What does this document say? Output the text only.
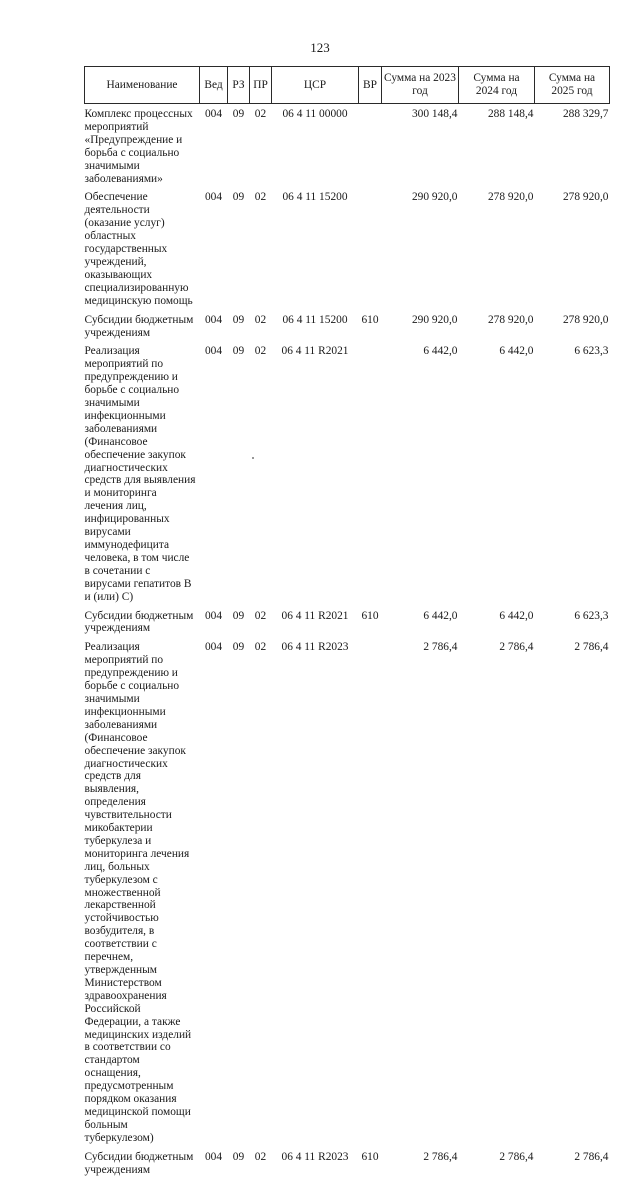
123
Наименование	Вед	РЗ	ПР	ЦСР	ВР	Сумма на 2023 год	Сумма на 2024 год	Сумма на 2025 год
Комплекс процессных мероприятий «Предупреждение и борьба с социально значимыми заболеваниями»	004	09	02	06 4 11 00000		300 148,4	288 148,4	288 329,7
Обеспечение деятельности (оказание услуг) областных государственных учреждений, оказывающих специализированную медицинскую помощь	004	09	02	06 4 11 15200		290 920,0	278 920,0	278 920,0
Субсидии бюджетным учреждениям	004	09	02	06 4 11 15200	610	290 920,0	278 920,0	278 920,0
Реализация мероприятий по предупреждению и борьбе с социально значимыми инфекционными заболеваниями (Финансовое обеспечение закупок диагностических средств для выявления и мониторинга лечения лиц, инфицированных вирусами иммунодефицита человека, в том числе в сочетании с вирусами гепатитов В и (или) С)	004	09	02	06 4 11 R2021		6 442,0	6 442,0	6 623,3
Субсидии бюджетным учреждениям	004	09	02	06 4 11 R2021	610	6 442,0	6 442,0	6 623,3
Реализация мероприятий по предупреждению и борьбе с социально значимыми инфекционными заболеваниями (Финансовое обеспечение закупок диагностических средств для выявления, определения чувствительности микобактерии туберкулеза и мониторинга лечения лиц, больных туберкулезом с множественной лекарственной устойчивостью возбудителя, в соответствии с перечнем, утвержденным Министерством здравоохранения Российской Федерации, а также медицинских изделий в соответствии со стандартом оснащения, предусмотренным порядком оказания медицинской помощи больным туберкулезом)	004	09	02	06 4 11 R2023		2 786,4	2 786,4	2 786,4
Субсидии бюджетным учреждениям	004	09	02	06 4 11 R2023	610	2 786,4	2 786,4	2 786,4
